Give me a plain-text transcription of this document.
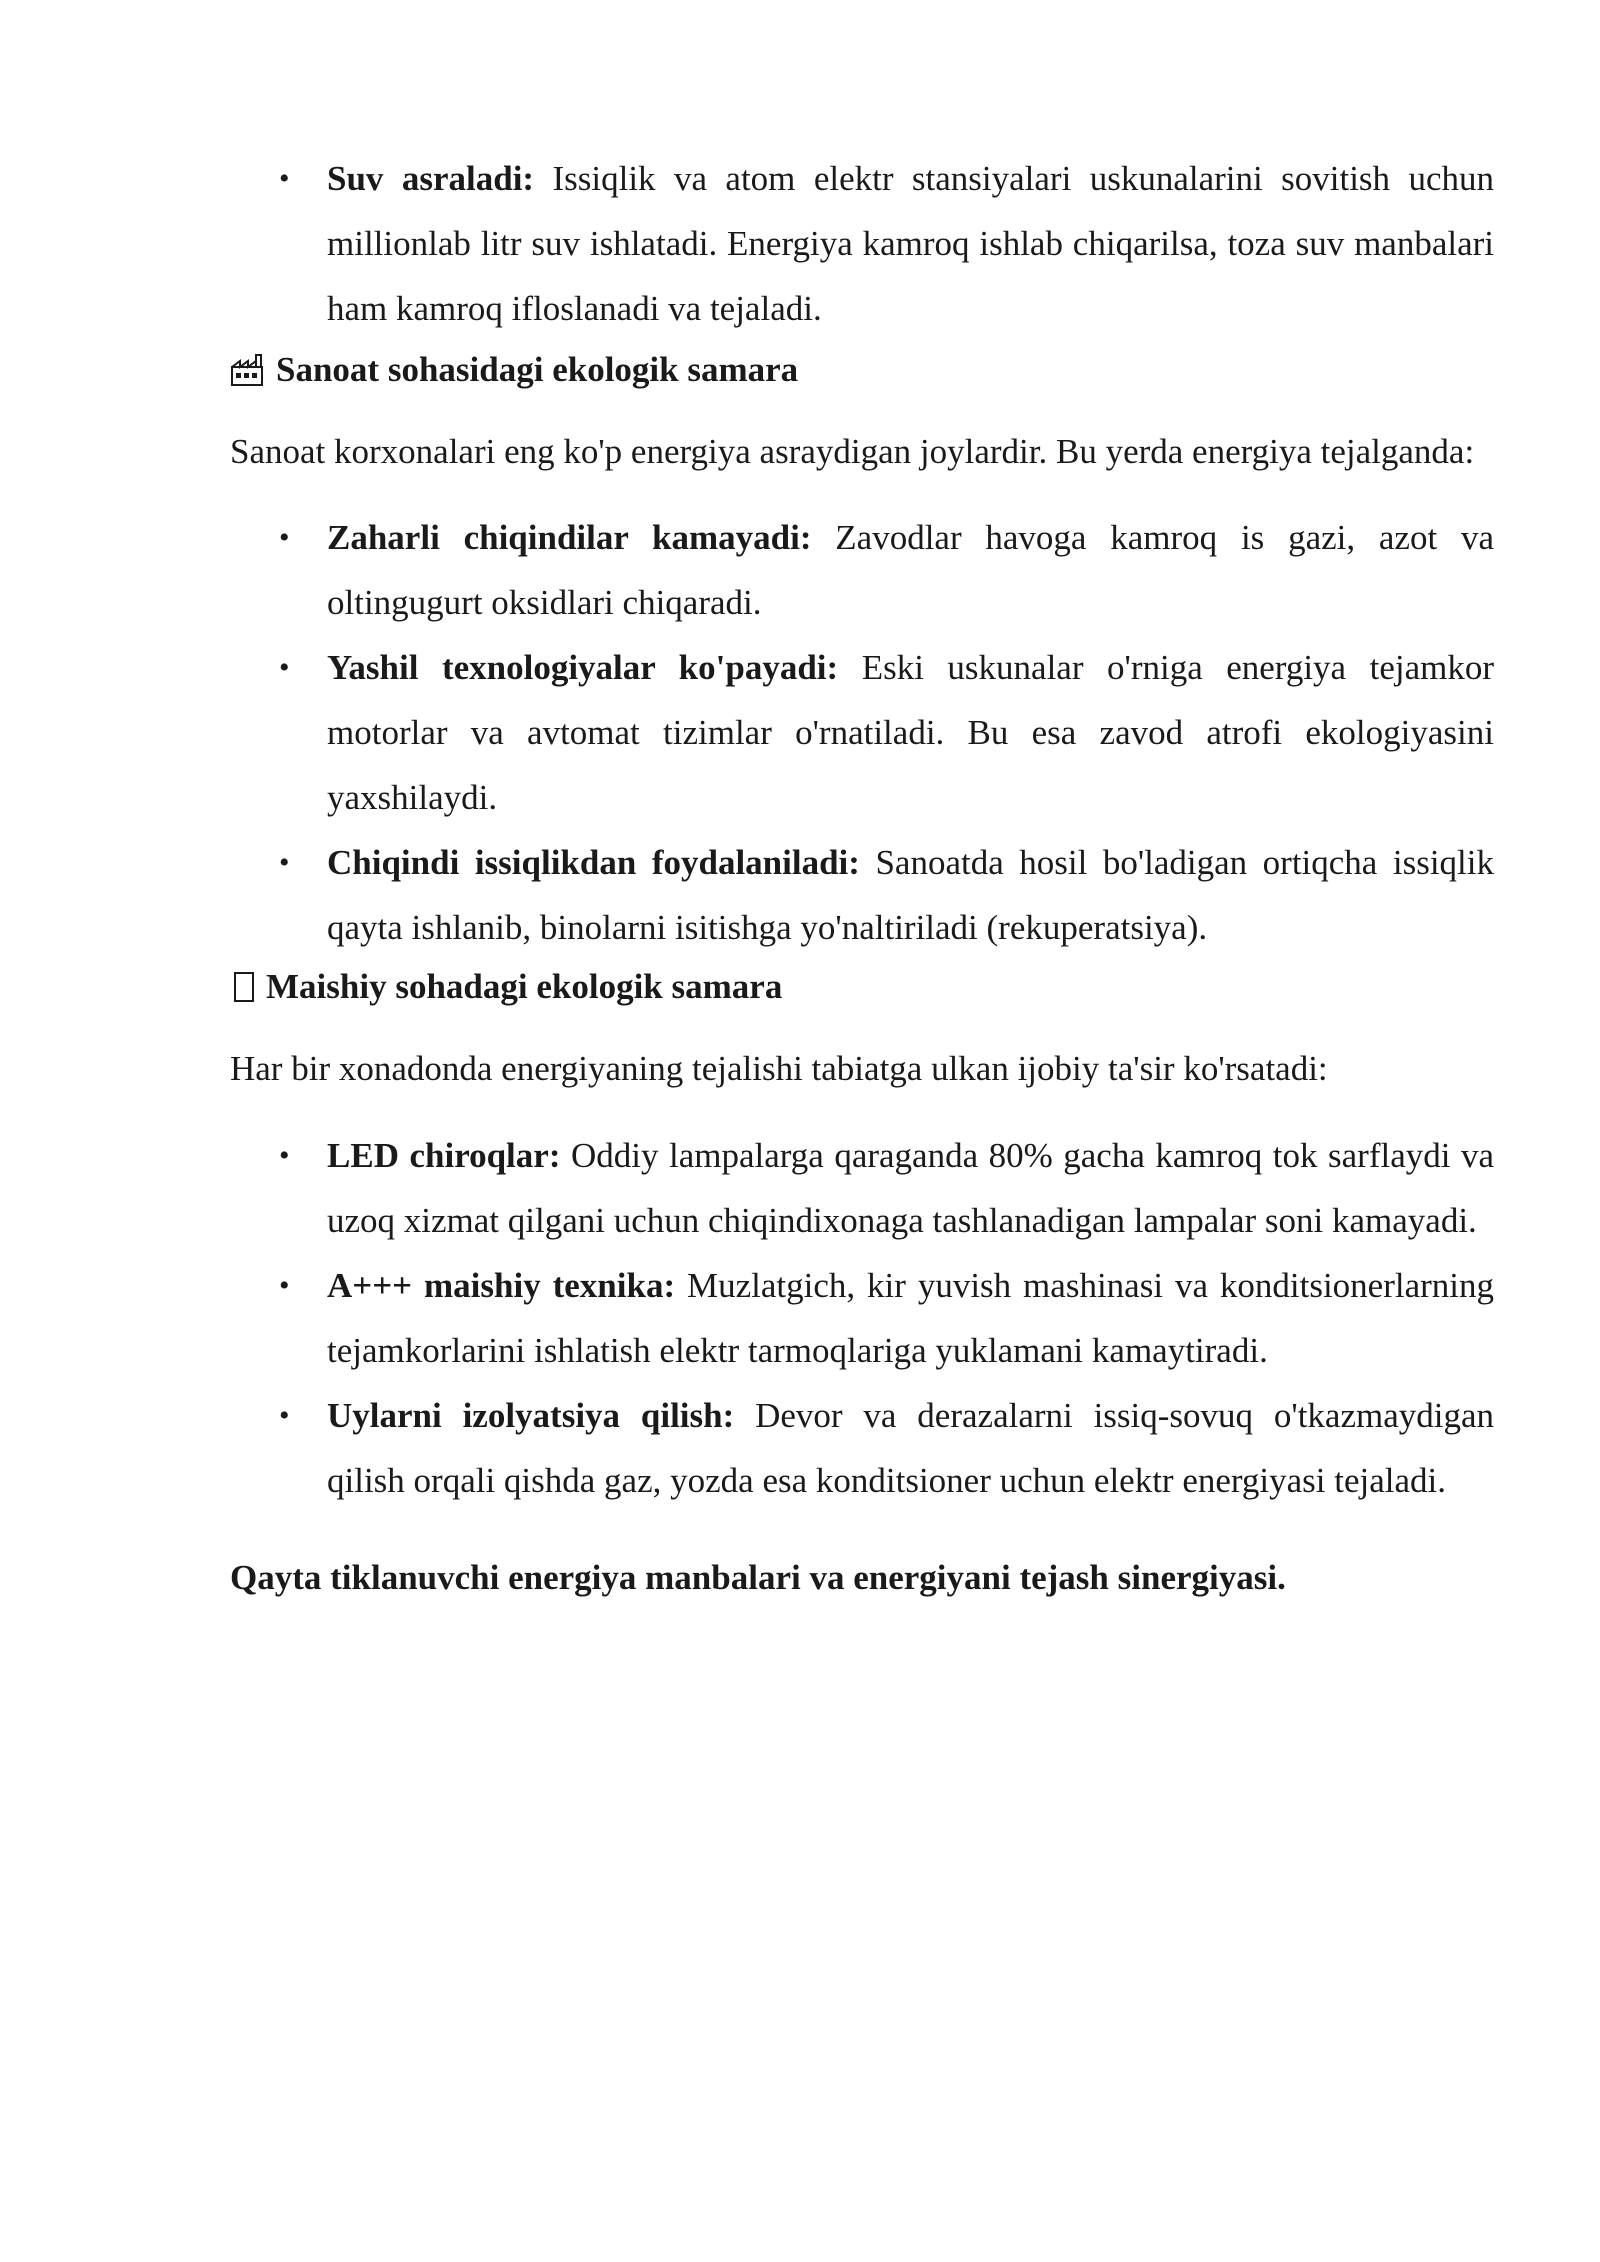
• Suv asraladi: Issiqlik va atom elektr stansiyalari uskunalarini sovitish uchun millionlab litr suv ishlatadi. Energiya kamroq ishlab chiqarilsa, toza suv manbalari ham kamroq ifloslanadi va tejaladi.
Sanoat sohasidagi ekologik samara

Sanoat korxonalari eng ko'p energiya asraydigan joylardir. Bu yerda energiya tejalganda:

• Zaharli chiqindilar kamayadi: Zavodlar havoga kamroq is gazi, azot va oltingugurt oksidlari chiqaradi.
• Yashil texnologiyalar ko'payadi: Eski uskunalar o'rniga energiya tejamkor motorlar va avtomat tizimlar o'rnatiladi. Bu esa zavod atrofi ekologiyasini yaxshilaydi.
• Chiqindi issiqlikdan foydalaniladi: Sanoatda hosil bo'ladigan ortiqcha issiqlik qayta ishlanib, binolarni isitishga yo'naltiriladi (rekuperatsiya).
Maishiy sohadagi ekologik samara

Har bir xonadonda energiyaning tejalishi tabiatga ulkan ijobiy ta'sir ko'rsatadi:

• LED chiroqlar: Oddiy lampalarga qaraganda 80% gacha kamroq tok sarflaydi va uzoq xizmat qilgani uchun chiqindixonaga tashlanadigan lampalar soni kamayadi.
• A+++ maishiy texnika: Muzlatgich, kir yuvish mashinasi va konditsionerlarning tejamkorlarini ishlatish elektr tarmoqlariga yuklamani kamaytiradi.
• Uylarni izolyatsiya qilish: Devor va derazalarni issiq-sovuq o'tkazmaydigan qilish orqali qishda gaz, yozda esa konditsioner uchun elektr energiyasi tejaladi.
Qayta tiklanuvchi energiya manbalari va energiyani tejash sinergiyasi.
